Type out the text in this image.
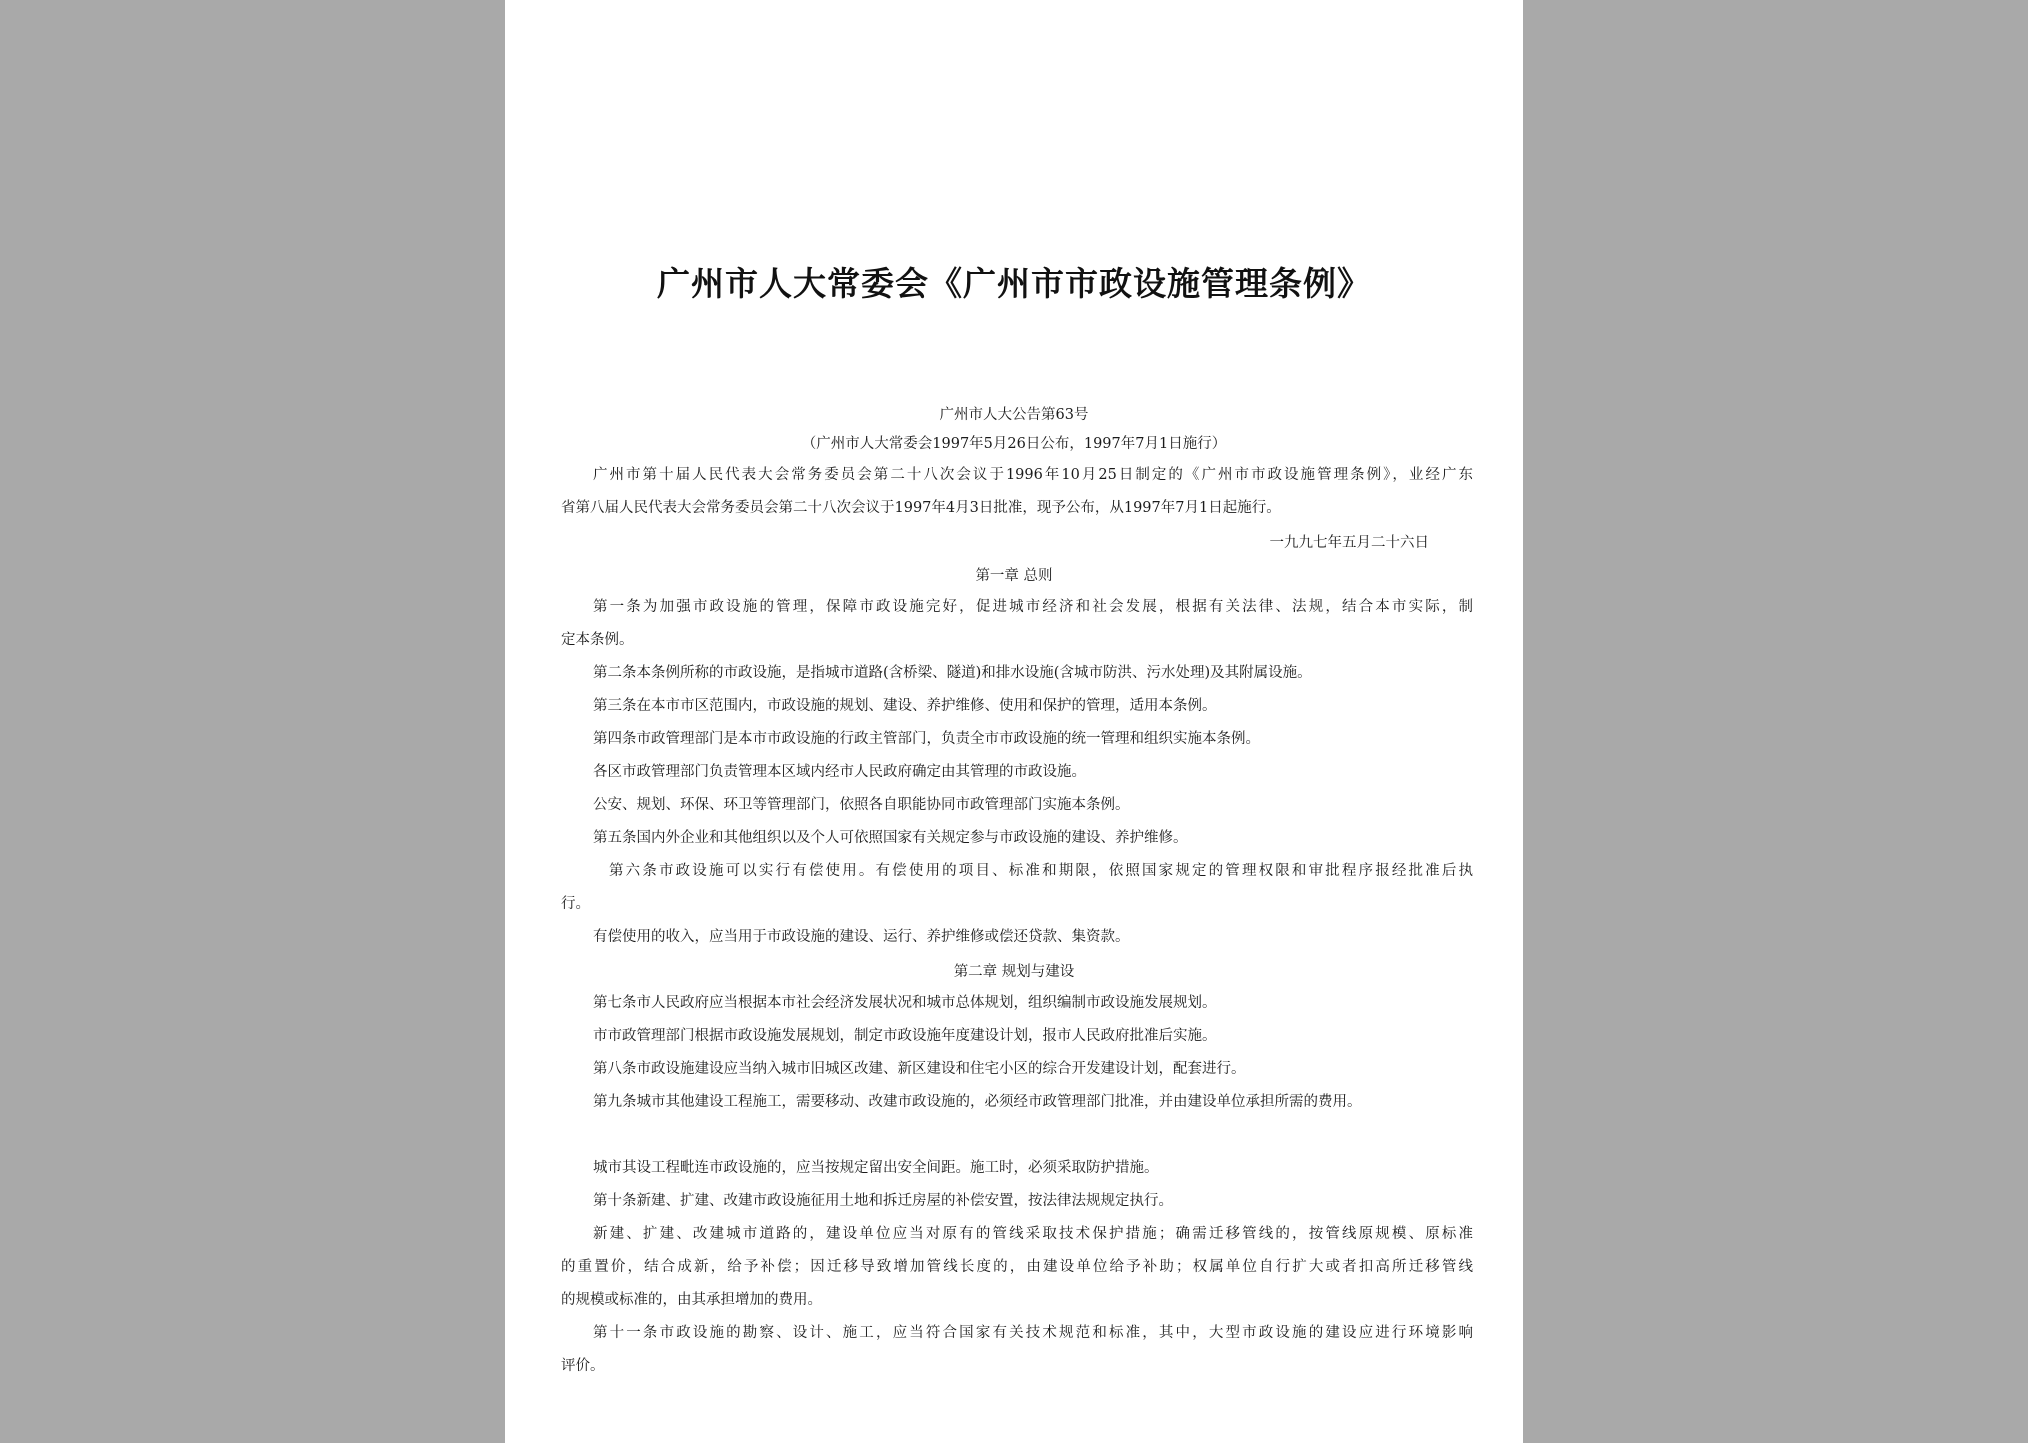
广州市人大常委会《广州市市政设施管理条例》
广州市人大公告第63号
（广州市人大常委会1997年5月26日公布，1997年7月1日施行）
广州市第十届人民代表大会常务委员会第二十八次会议于1996年10月25日制定的《广州市市政设施管理条例》，业经广东
省第八届人民代表大会常务委员会第二十八次会议于1997年4月3日批准，现予公布，从1997年7月1日起施行。
一九九七年五月二十六日
第一章 总则
第一条为加强市政设施的管理，保障市政设施完好，促进城市经济和社会发展，根据有关法律、法规，结合本市实际，制
定本条例。
第二条本条例所称的市政设施，是指城市道路(含桥梁、隧道)和排水设施(含城市防洪、污水处理)及其附属设施。
第三条在本市市区范围内，市政设施的规划、建设、养护维修、使用和保护的管理，适用本条例。
第四条市政管理部门是本市市政设施的行政主管部门，负责全市市政设施的统一管理和组织实施本条例。
各区市政管理部门负责管理本区域内经市人民政府确定由其管理的市政设施。
公安、规划、环保、环卫等管理部门，依照各自职能协同市政管理部门实施本条例。
第五条国内外企业和其他组织以及个人可依照国家有关规定参与市政设施的建设、养护维修。
第六条市政设施可以实行有偿使用。有偿使用的项目、标准和期限，依照国家规定的管理权限和审批程序报经批准后执
行。
有偿使用的收入，应当用于市政设施的建设、运行、养护维修或偿还贷款、集资款。
第二章 规划与建设
第七条市人民政府应当根据本市社会经济发展状况和城市总体规划，组织编制市政设施发展规划。
市市政管理部门根据市政设施发展规划，制定市政设施年度建设计划，报市人民政府批准后实施。
第八条市政设施建设应当纳入城市旧城区改建、新区建设和住宅小区的综合开发建设计划，配套进行。
第九条城市其他建设工程施工，需要移动、改建市政设施的，必须经市政管理部门批准，并由建设单位承担所需的费用。
城市其设工程毗连市政设施的，应当按规定留出安全间距。施工时，必须采取防护措施。
第十条新建、扩建、改建市政设施征用土地和拆迁房屋的补偿安置，按法律法规规定执行。
新建、扩建、改建城市道路的，建设单位应当对原有的管线采取技术保护措施；确需迁移管线的，按管线原规模、原标准
的重置价，结合成新，给予补偿；因迁移导致增加管线长度的，由建设单位给予补助；权属单位自行扩大或者扣高所迁移管线
的规模或标准的，由其承担增加的费用。
第十一条市政设施的勘察、设计、施工，应当符合国家有关技术规范和标准，其中，大型市政设施的建设应进行环境影响
评价。
